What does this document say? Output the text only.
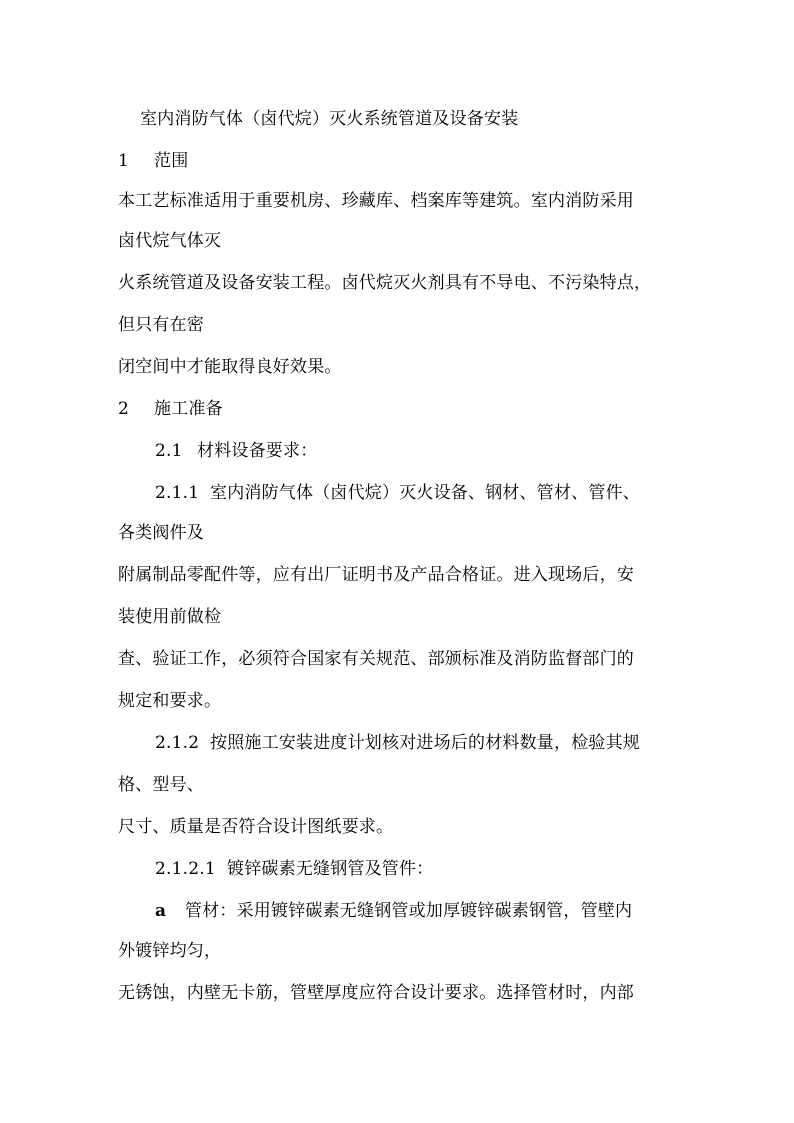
室内消防气体（卤代烷）灭火系统管道及设备安装
1 范围
本工艺标准适用于重要机房、珍藏库、档案库等建筑。室内消防采用
卤代烷气体灭
火系统管道及设备安装工程。卤代烷灭火剂具有不导电、不污染特点，
但只有在密
闭空间中才能取得良好效果。
2 施工准备
2.1 材料设备要求：
2.1.1 室内消防气体（卤代烷）灭火设备、钢材、管材、管件、
各类阀件及
附属制品零配件等，应有出厂证明书及产品合格证。进入现场后，安
装使用前做检
查、验证工作，必须符合国家有关规范、部颁标准及消防监督部门的
规定和要求。
2.1.2 按照施工安装进度计划核对进场后的材料数量，检验其规
格、型号、
尺寸、质量是否符合设计图纸要求。
2.1.2.1 镀锌碳素无缝钢管及管件：
a 管材：采用镀锌碳素无缝钢管或加厚镀锌碳素钢管，管壁内
外镀锌均匀，
无锈蚀，内壁无卡筋，管壁厚度应符合设计要求。选择管材时，内部
